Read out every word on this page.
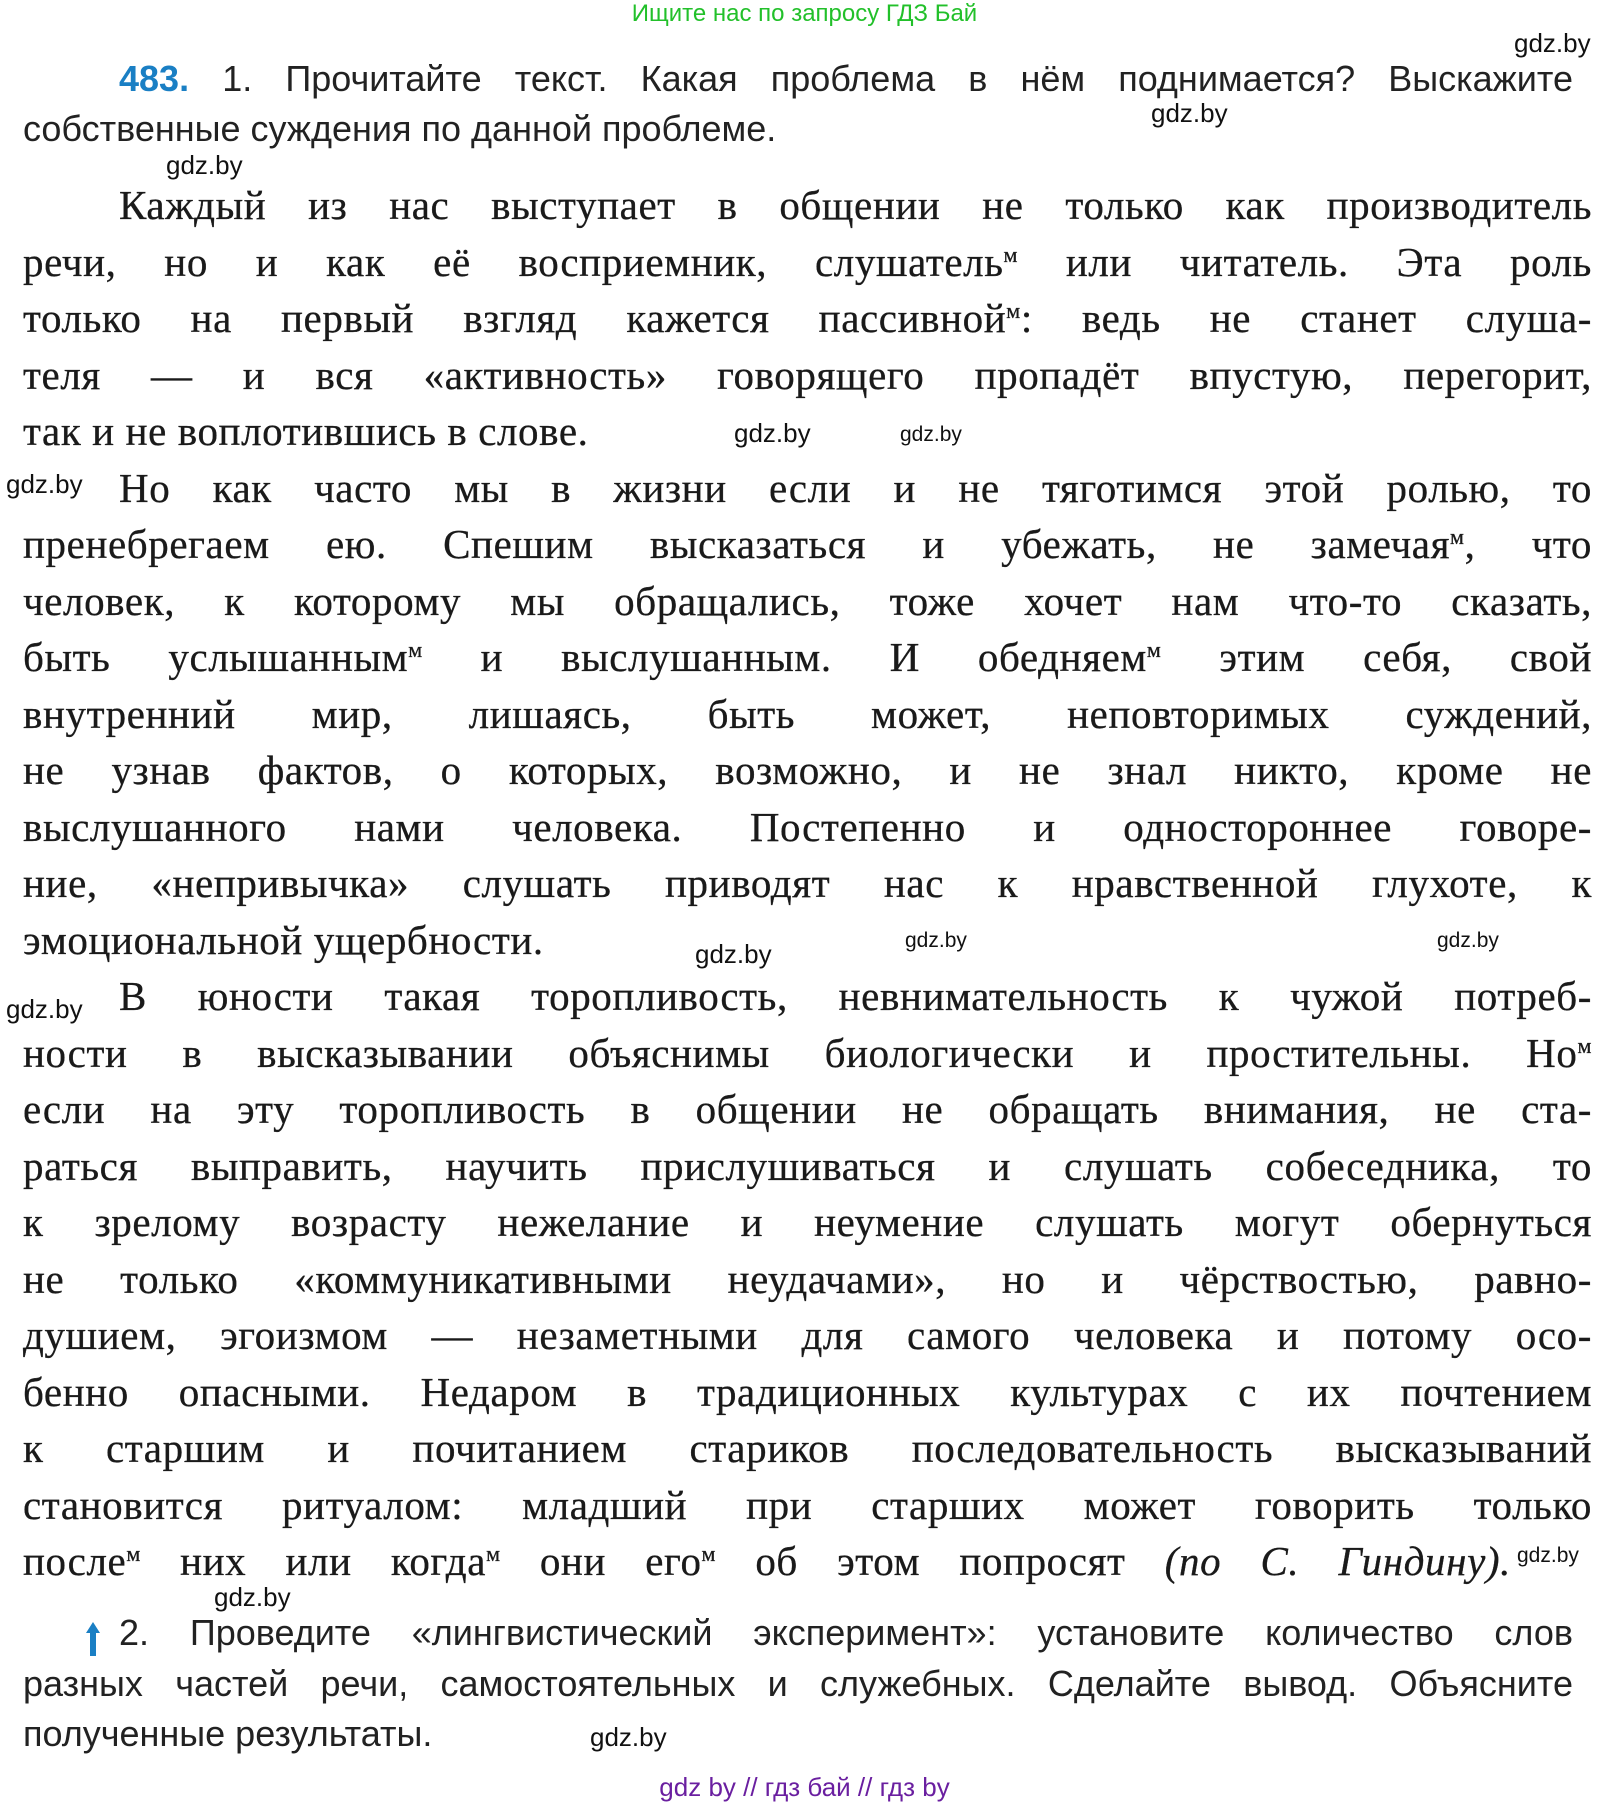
Ищите нас по запросу ГДЗ Бай
gdz.by
gdz.by
gdz.by
gdz.by
gdz.by
gdz.by
gdz.by
gdz.by
gdz.by
gdz.by
gdz.by
gdz.by
gdz.by
483. 1. Прочитайте текст. Какая проблема в нём поднимается? Выскажите
собственные суждения по данной проблеме.
Каждый из нас выступает в общении не только как производитель
речи, но и как её восприемник, слушатель$^м$ или читатель. Эта роль
только на первый взгляд кажется пассивной$^м$: ведь не станет слуша-
теля — и вся «активность» говорящего пропадёт впустую, перегорит,
так и не воплотившись в слове.
Но как часто мы в жизни если и не тяготимся этой ролью, то
пренебрегаем ею. Спешим высказаться и убежать, не замечая$^м$, что
человек, к которому мы обращались, тоже хочет нам что-то сказать,
быть услышанным$^м$ и выслушанным. И обедняем$^м$ этим себя, свой
внутренний мир, лишаясь, быть может, неповторимых суждений,
не узнав фактов, о которых, возможно, и не знал никто, кроме не
выслушанного нами человека. Постепенно и одностороннее говоре-
ние, «непривычка» слушать приводят нас к нравственной глухоте, к
эмоциональной ущербности.
В юности такая торопливость, невнимательность к чужой потреб-
ности в высказывании объяснимы биологически и простительны. $Но^м$
если на эту торопливость в общении не обращать внимания, не ста-
раться выправить, научить прислушиваться и слушать собеседника, то
к зрелому возрасту нежелание и неумение слушать могут обернуться
не только «коммуникативными неудачами», но и чёрствостью, равно-
душием, эгоизмом — незаметными для самого человека и потому осо-
бенно опасными. Недаром в традиционных культурах с их почтением
к старшим и почитанием стариков последовательность высказываний
становится ритуалом: младший при старших может говорить только
после$^м$ них или когда$^м$ они его$^м$ об этом попросят (по С. Гиндину).
2. Проведите «лингвистический эксперимент»: установите количество слов
разных частей речи, самостоятельных и служебных. Сделайте вывод. Объясните
полученные результаты.
gdz by // гдз бай // гдз by
